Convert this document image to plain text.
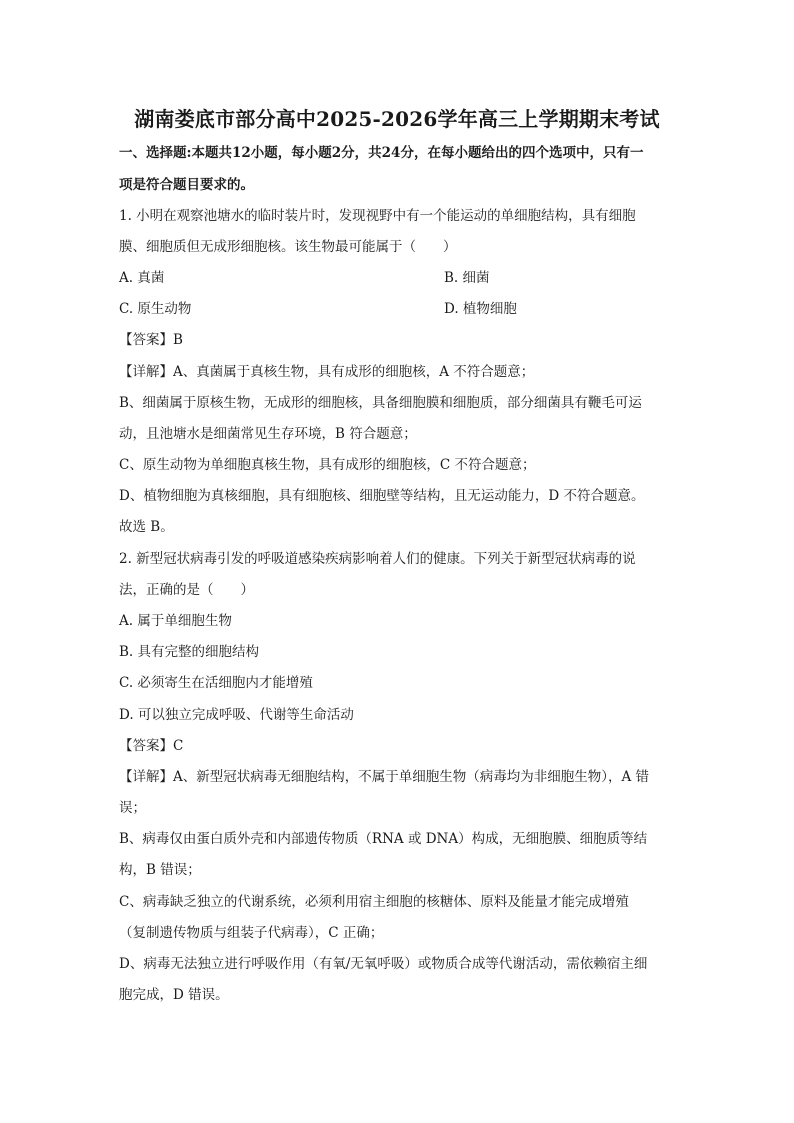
湖南娄底市部分高中2025-2026学年高三上学期期末考试
一、选择题:本题共12小题，每小题2分，共24分，在每小题给出的四个选项中，只有一
项是符合题目要求的。
1. 小明在观察池塘水的临时装片时，发现视野中有一个能运动的单细胞结构，具有细胞
膜、细胞质但无成形细胞核。该生物最可能属于（　　）
A. 真菌	B. 细菌
C. 原生动物	D. 植物细胞
【答案】B
【详解】A、真菌属于真核生物，具有成形的细胞核，A 不符合题意；
B、细菌属于原核生物，无成形的细胞核，具备细胞膜和细胞质，部分细菌具有鞭毛可运
动，且池塘水是细菌常见生存环境，B 符合题意；
C、原生动物为单细胞真核生物，具有成形的细胞核，C 不符合题意；
D、植物细胞为真核细胞，具有细胞核、细胞壁等结构，且无运动能力，D 不符合题意。
故选 B。
2. 新型冠状病毒引发的呼吸道感染疾病影响着人们的健康。下列关于新型冠状病毒的说
法，正确的是（　　）
A. 属于单细胞生物
B. 具有完整的细胞结构
C. 必须寄生在活细胞内才能增殖
D. 可以独立完成呼吸、代谢等生命活动
【答案】C
【详解】A、新型冠状病毒无细胞结构，不属于单细胞生物（病毒均为非细胞生物），A 错
误；
B、病毒仅由蛋白质外壳和内部遗传物质（RNA 或 DNA）构成，无细胞膜、细胞质等结
构，B 错误；
C、病毒缺乏独立的代谢系统，必须利用宿主细胞的核糖体、原料及能量才能完成增殖
（复制遗传物质与组装子代病毒），C 正确；
D、病毒无法独立进行呼吸作用（有氧/无氧呼吸）或物质合成等代谢活动，需依赖宿主细
胞完成，D 错误。
